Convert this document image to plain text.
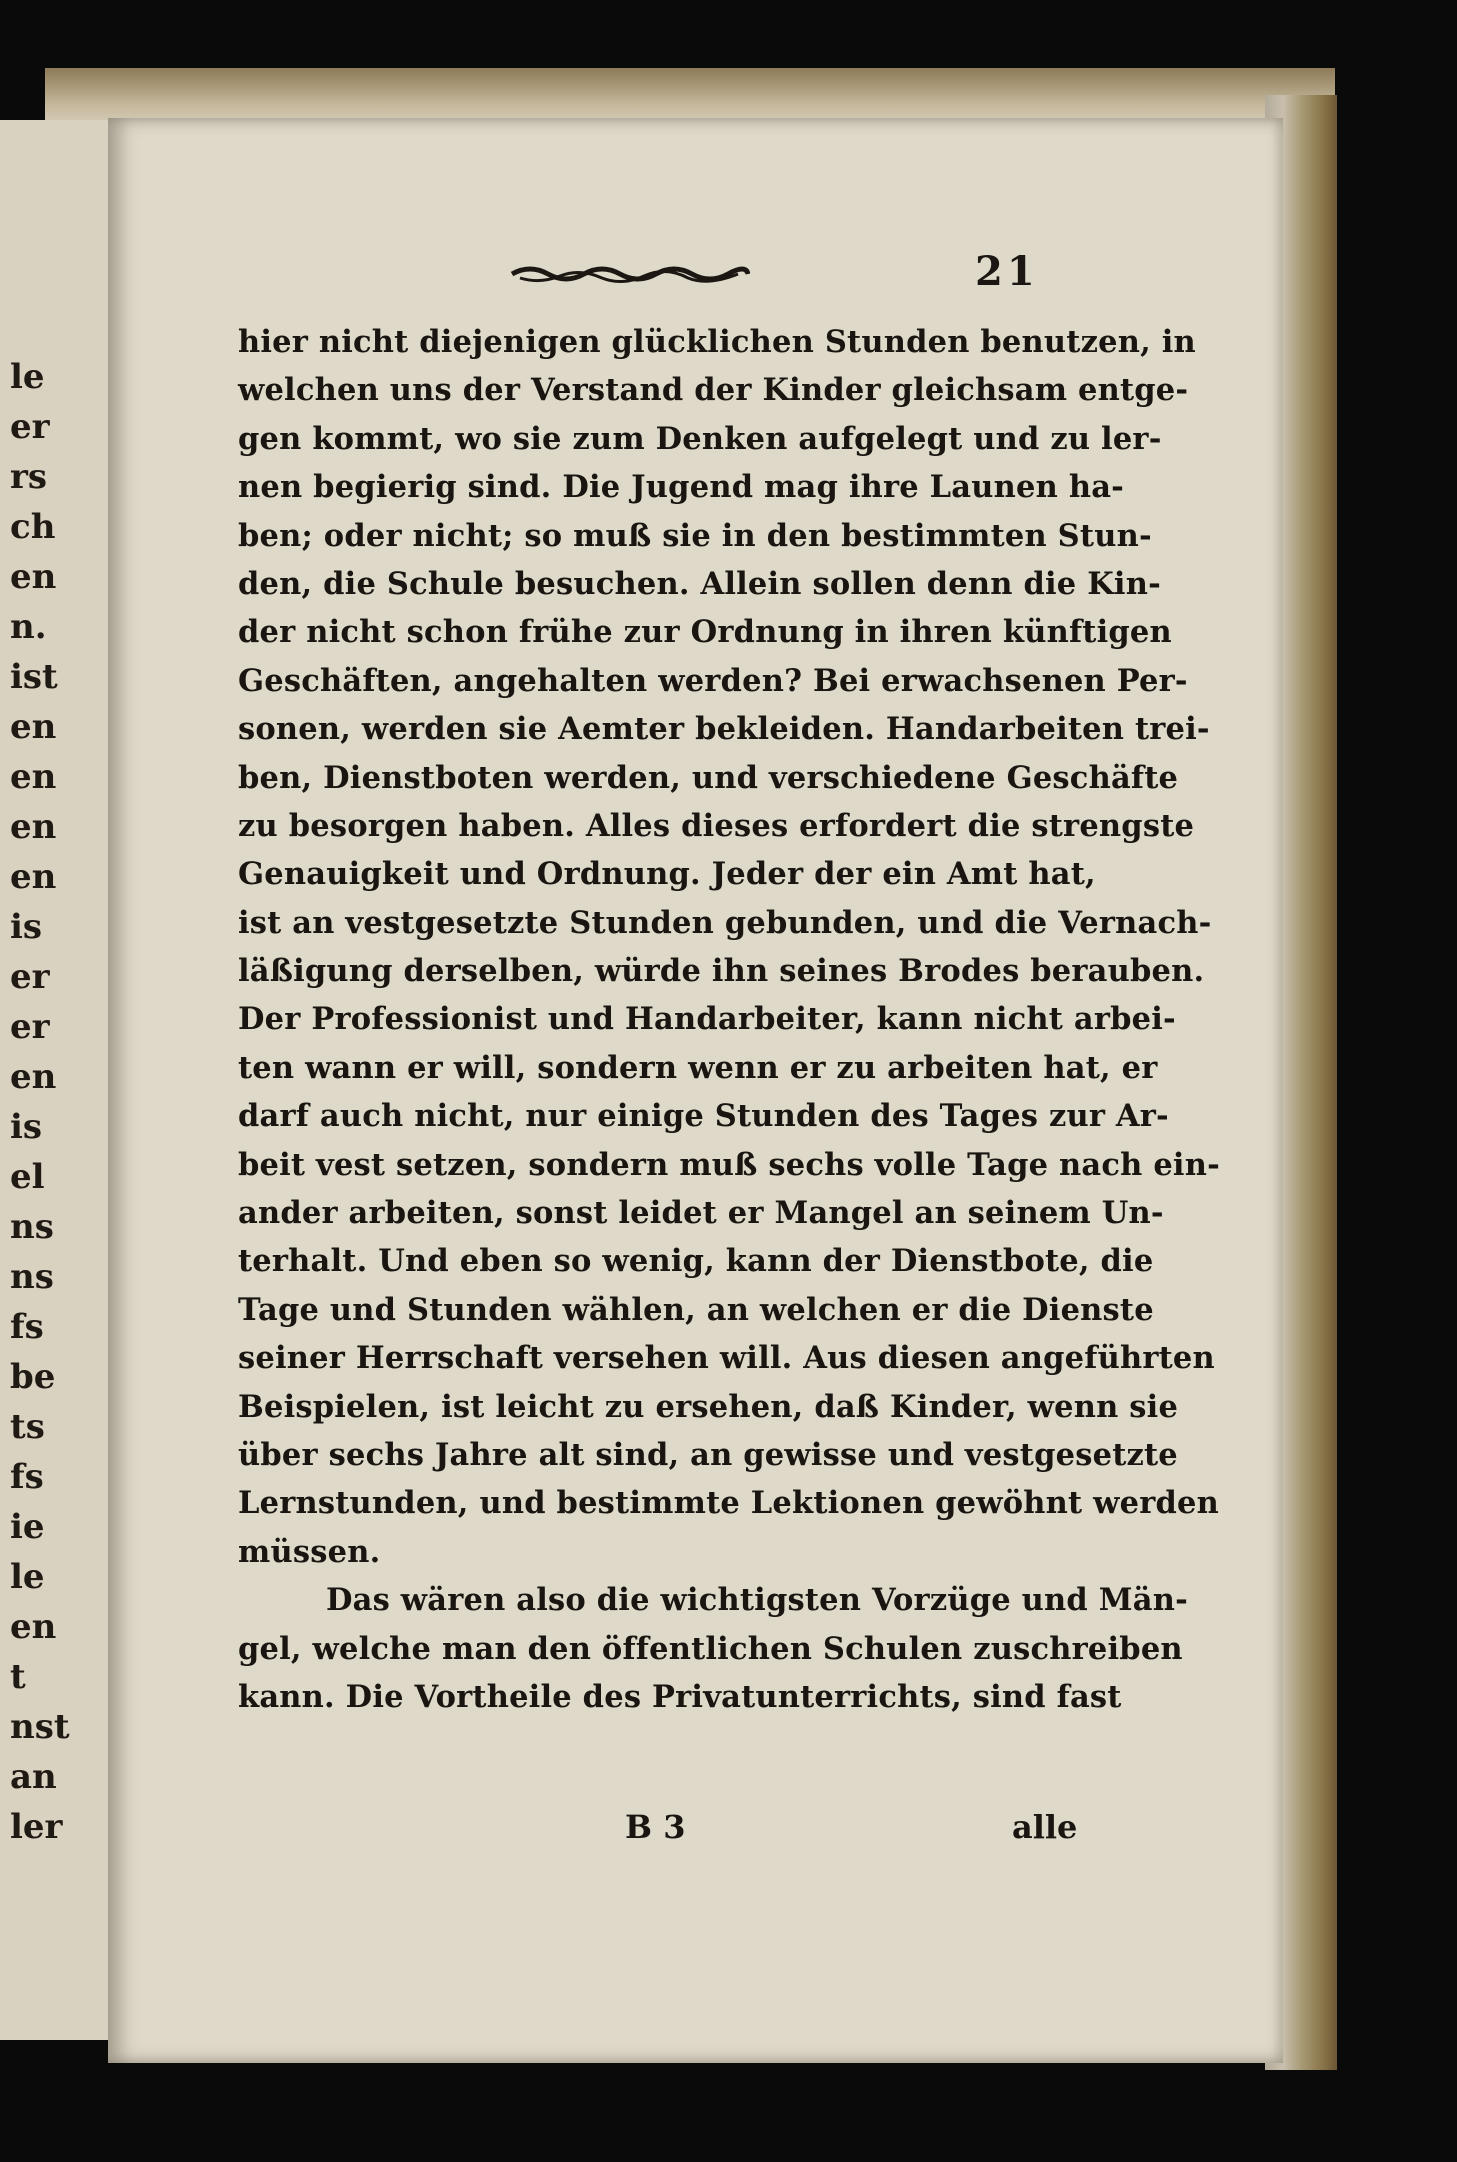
le
er
rs
ch
en
n.
ist
en
en
en
en
is
er
er
en
is
el
ns
ns
fs
be
ts
fs
ie
le
en
t
nst
an
ler
21
hier nicht diejenigen glücklichen Stunden benutzen, in
welchen uns der Verstand der Kinder gleichsam entge-
gen kommt, wo sie zum Denken aufgelegt und zu ler-
nen begierig sind. Die Jugend mag ihre Launen ha-
ben; oder nicht; so muß sie in den bestimmten Stun-
den, die Schule besuchen. Allein sollen denn die Kin-
der nicht schon frühe zur Ordnung in ihren künftigen
Geschäften, angehalten werden? Bei erwachsenen Per-
sonen, werden sie Aemter bekleiden. Handarbeiten trei-
ben, Dienstboten werden, und verschiedene Geschäfte
zu besorgen haben. Alles dieses erfordert die strengste
Genauigkeit und Ordnung. Jeder der ein Amt hat,
ist an vestgesetzte Stunden gebunden, und die Vernach-
läßigung derselben, würde ihn seines Brodes berauben.
Der Professionist und Handarbeiter, kann nicht arbei-
ten wann er will, sondern wenn er zu arbeiten hat, er
darf auch nicht, nur einige Stunden des Tages zur Ar-
beit vest setzen, sondern muß sechs volle Tage nach ein-
ander arbeiten, sonst leidet er Mangel an seinem Un-
terhalt. Und eben so wenig, kann der Dienstbote, die
Tage und Stunden wählen, an welchen er die Dienste
seiner Herrschaft versehen will. Aus diesen angeführten
Beispielen, ist leicht zu ersehen, daß Kinder, wenn sie
über sechs Jahre alt sind, an gewisse und vestgesetzte
Lernstunden, und bestimmte Lektionen gewöhnt werden
müssen.
Das wären also die wichtigsten Vorzüge und Män-
gel, welche man den öffentlichen Schulen zuschreiben
kann. Die Vortheile des Privatunterrichts, sind fast
B 3	alle
